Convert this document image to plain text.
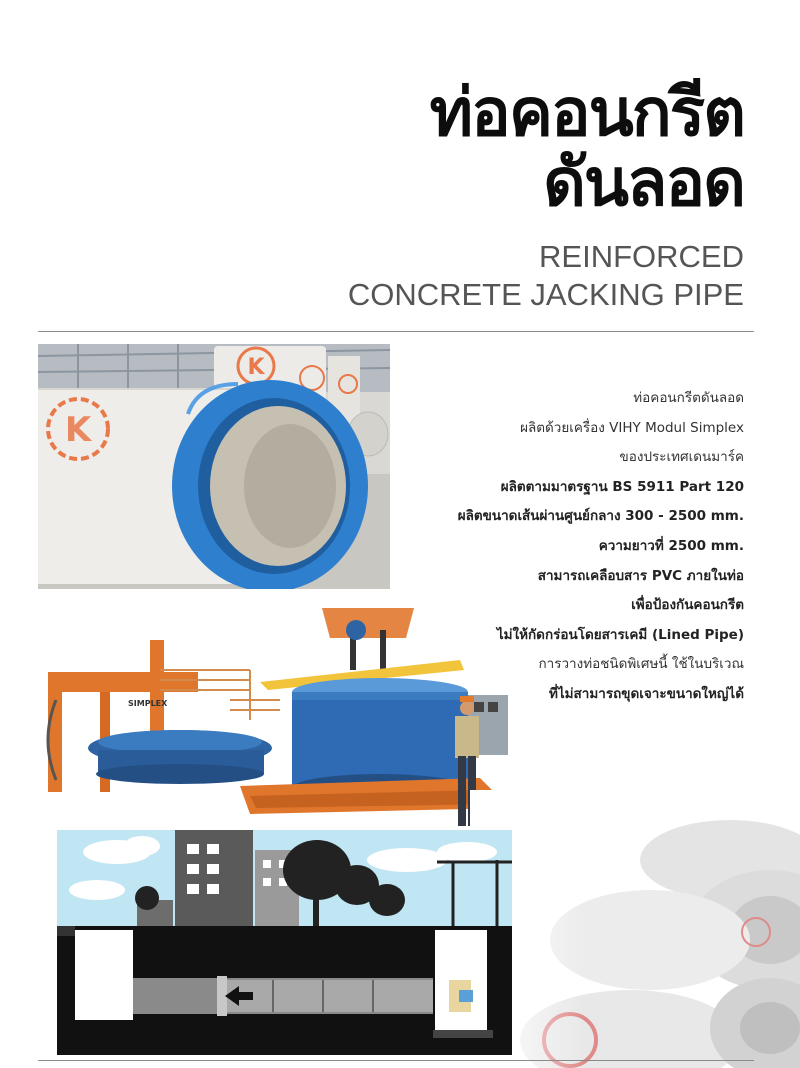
ท่อคอนกรีต
ดันลอด
REINFORCED
CONCRETE JACKING PIPE
K
K
ท่อคอนกรีตดันลอด
ผลิตด้วยเครื่อง VIHY Modul Simplex
ของประเทศเดนมาร์ค
ผลิตตามมาตรฐาน BS 5911 Part 120
ผลิตขนาดเส้นผ่านศูนย์กลาง 300 - 2500 mm.
ความยาวที่ 2500 mm.
สามารถเคลือบสาร PVC ภายในท่อ
เพื่อป้องกันคอนกรีต
ไม่ให้กัดกร่อนโดยสารเคมี (Lined Pipe)
การวางท่อชนิดพิเศษนี้ ใช้ในบริเวณ
ที่ไม่สามารถขุดเจาะขนาดใหญ่ได้
SIMPLEX
